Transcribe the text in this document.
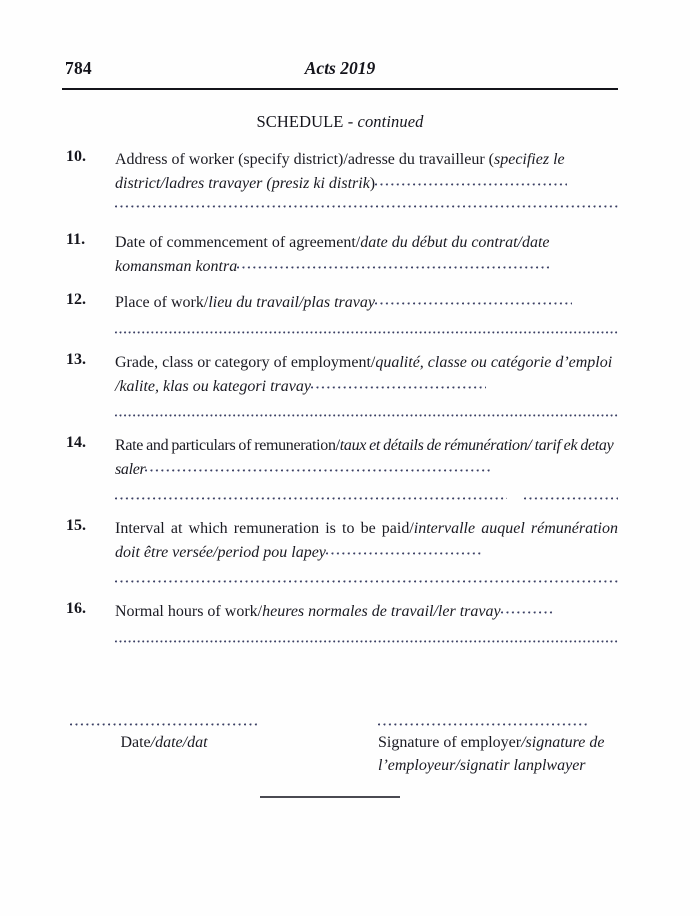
784	Acts 2019
SCHEDULE - continued
10.	Address of worker (specify district)/adresse du travailleur (specifiez le district/ladres travayer (presiz ki distrik)
11.	Date of commencement of agreement/date du début du contrat/date komansman kontra
12.	Place of work/lieu du travail/plas travay
13.	Grade, class or category of employment/qualité, classe ou catégorie d’emploi /kalite, klas ou kategori travay
14.	Rate and particulars of remuneration/taux et détails de rémunération/ tarif ek detay saler
15.	Interval at which remuneration is to be paid/intervalle auquel rémunération doit être versée/period pou lapey
16.	Normal hours of work/heures normales de travail/ler travay
Date/date/dat	Signature of employer/signature de l’employeur/signatir lanplwayer
